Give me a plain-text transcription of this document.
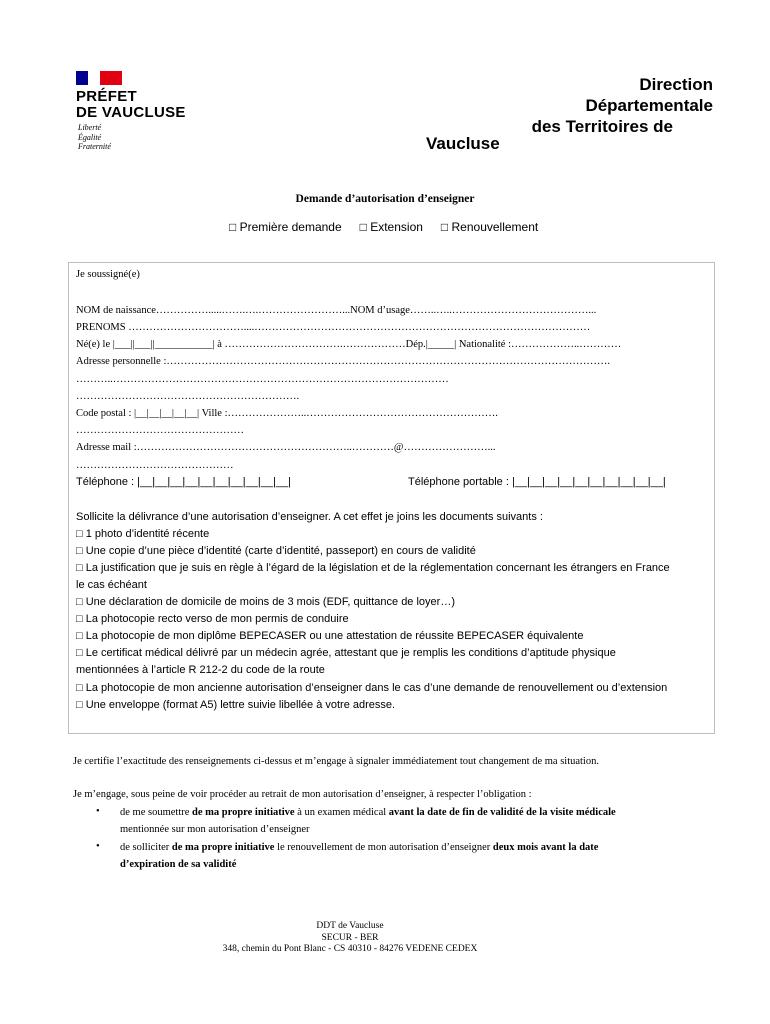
PRÉFET
DE VAUCLUSE
Liberté
Égalité
Fraternité
Direction
Départementale
des Territoires de
Vaucluse
Demande d’autorisation d’enseigner
□ Première demande □ Extension □ Renouvellement
Je soussigné(e)
NOM de naissance…………….....…….….……………………...NOM d’usage……..…..…………………………………...
PRENOMS ……………………………....……………………………………………………………………………………
Né(e) le |___||___||___________| à …………………………….………………Dép.|_____| Nationalité :………………..…………
Adresse personnelle :……………………………………………………………………………………………………………….
………..……………………………………………………………………………………
……………………………………………………….
Code postal : |__|__|__|__|__| Ville :…………………..……………………………………………….
…………………………………………
Adresse mail :……………………………………………………..…………@……………………...
………………………………………
Téléphone : |__|__|__|__|__|__|__|__|__|__|	Téléphone portable : |__|__|__|__|__|__|__|__|__|__|
Sollicite la délivrance d’une autorisation d’enseigner. A cet effet je joins les documents suivants :
□ 1 photo d’identité récente
□ Une copie d’une pièce d’identité (carte d’identité, passeport) en cours de validité
□ La justification que je suis en règle à l’égard de la législation et de la réglementation concernant les étrangers en France
le cas échéant
□ Une déclaration de domicile de moins de 3 mois (EDF, quittance de loyer…)
□ La photocopie recto verso de mon permis de conduire
□ La photocopie de mon diplôme BEPECASER ou une attestation de réussite BEPECASER équivalente
□ Le certificat médical délivré par un médecin agrée, attestant que je remplis les conditions d’aptitude physique
mentionnées à l’article R 212-2 du code de la route
□ La photocopie de mon ancienne autorisation d’enseigner dans le cas d’une demande de renouvellement ou d’extension
□ Une enveloppe (format A5) lettre suivie libellée à votre adresse.
Je certifie l’exactitude des renseignements ci-dessus et m’engage à signaler immédiatement tout changement de ma situation.
Je m’engage, sous peine de voir procéder au retrait de mon autorisation d’enseigner, à respecter l’obligation :
• de me soumettre de ma propre initiative à un examen médical avant la date de fin de validité de la visite médicale
mentionnée sur mon autorisation d’enseigner
• de solliciter de ma propre initiative le renouvellement de mon autorisation d’enseigner deux mois avant la date
d’expiration de sa validité
DDT de Vaucluse
SECUR - BER
348, chemin du Pont Blanc - CS 40310 - 84276 VEDENE CEDEX
